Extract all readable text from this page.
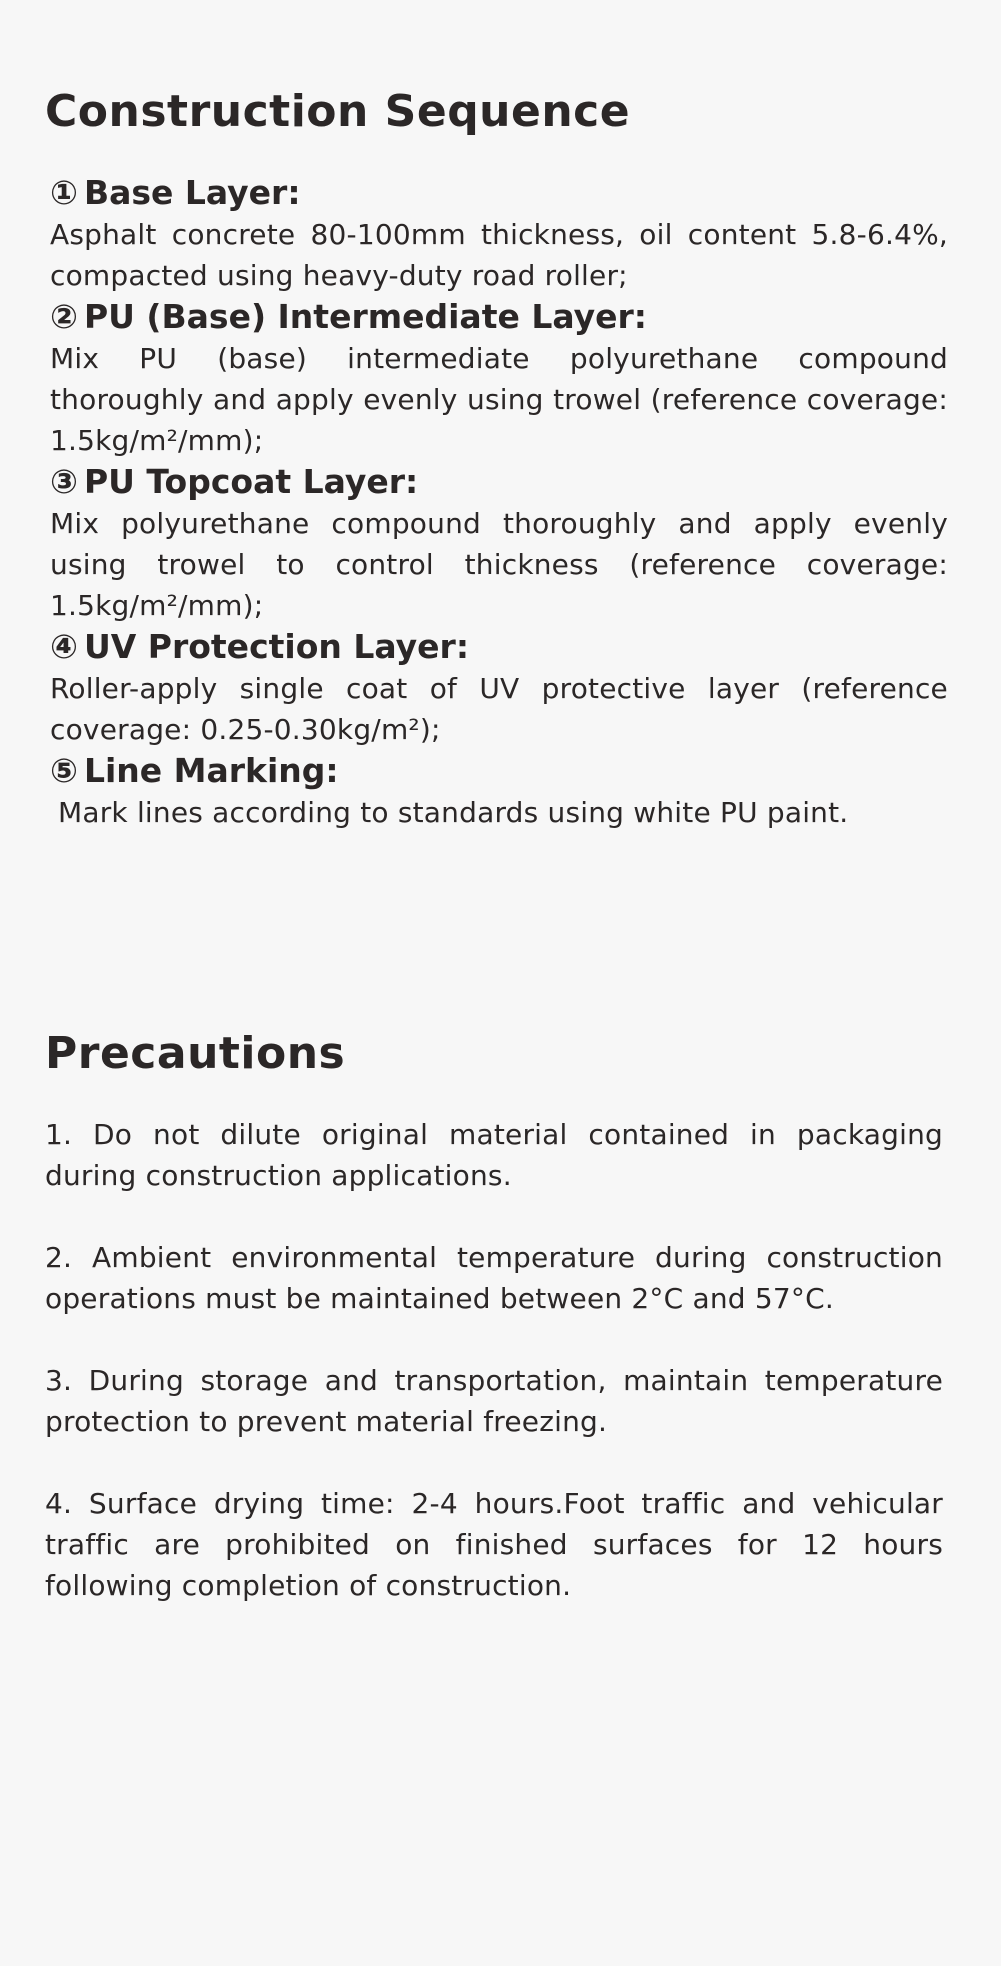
Construction Sequence
① Base Layer:

Asphalt concrete 80-100mm thickness, oil content 5.8-6.4%, compacted using heavy-duty road roller;

② PU (Base) Intermediate Layer:

Mix PU (base) intermediate polyurethane compound thoroughly and apply evenly using trowel (reference coverage: 1.5kg/m²/mm);

③ PU Topcoat Layer:

Mix polyurethane compound thoroughly and apply evenly using trowel to control thickness (reference coverage: 1.5kg/m²/mm);

④ UV Protection Layer:

Roller-apply single coat of UV protective layer (reference coverage: 0.25-0.30kg/m²);

⑤ Line Marking:

Mark lines according to standards using white PU paint.

Precautions

1. Do not dilute original material contained in packaging during construction applications.

2. Ambient environmental temperature during construction operations must be maintained between 2°C and 57°C.

3. During storage and transportation, maintain temperature protection to prevent material freezing.

4. Surface drying time: 2-4 hours.Foot traffic and vehicular traffic are prohibited on finished surfaces for 12 hours following completion of construction.
